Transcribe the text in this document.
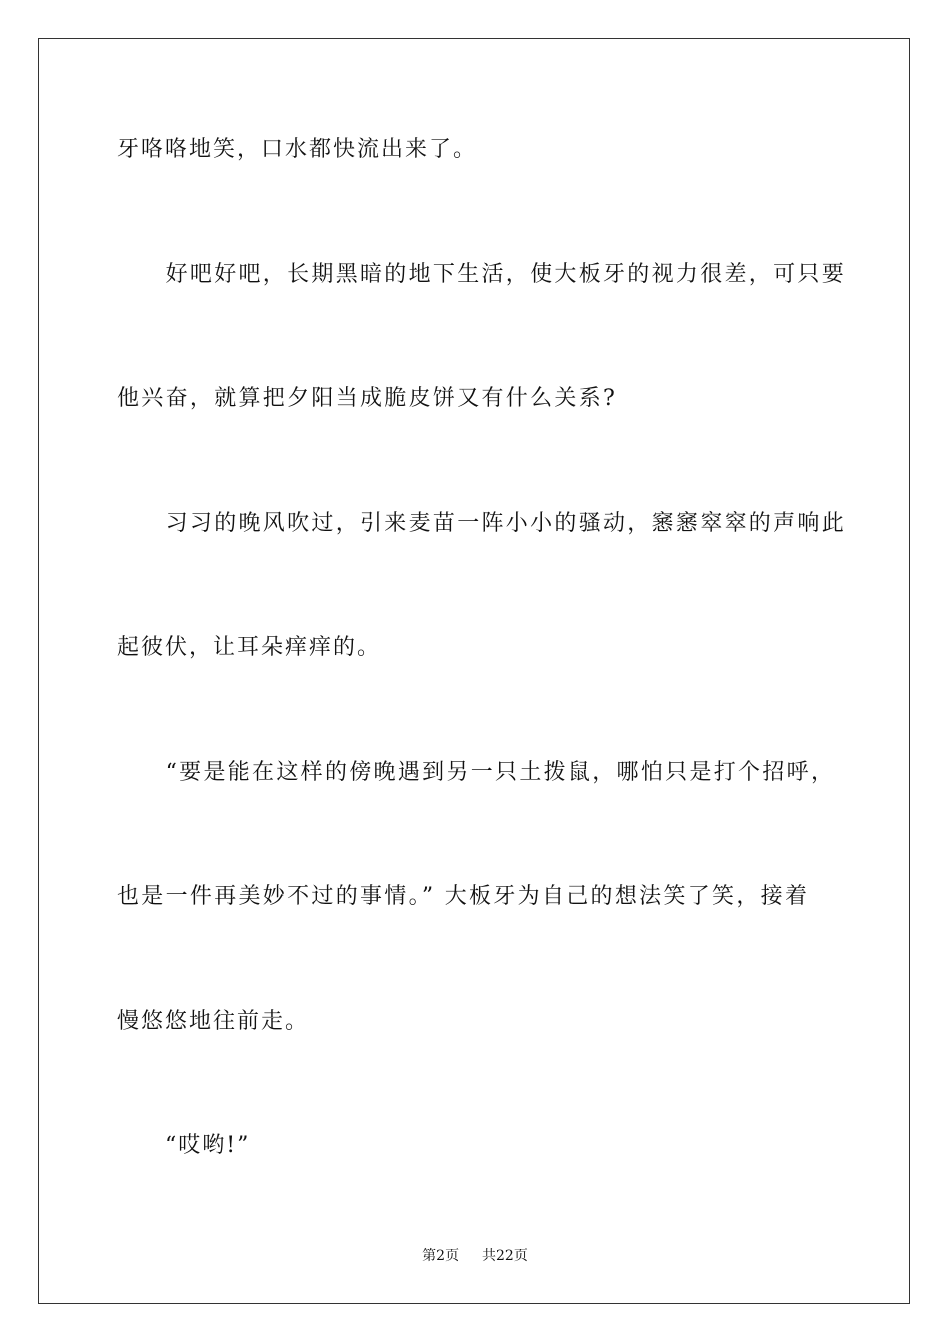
牙咯咯地笑，口水都快流出来了。
　　好吧好吧，长期黑暗的地下生活，使大板牙的视力很差，可只要
他兴奋，就算把夕阳当成脆皮饼又有什么关系?
　　习习的晚风吹过，引来麦苗一阵小小的骚动，窸窸窣窣的声响此
起彼伏，让耳朵痒痒的。
　　“要是能在这样的傍晚遇到另一只土拨鼠，哪怕只是打个招呼，
也是一件再美妙不过的事情。” 大板牙为自己的想法笑了笑，接着
慢悠悠地往前走。
　　“哎哟!”
第2页 共22页
